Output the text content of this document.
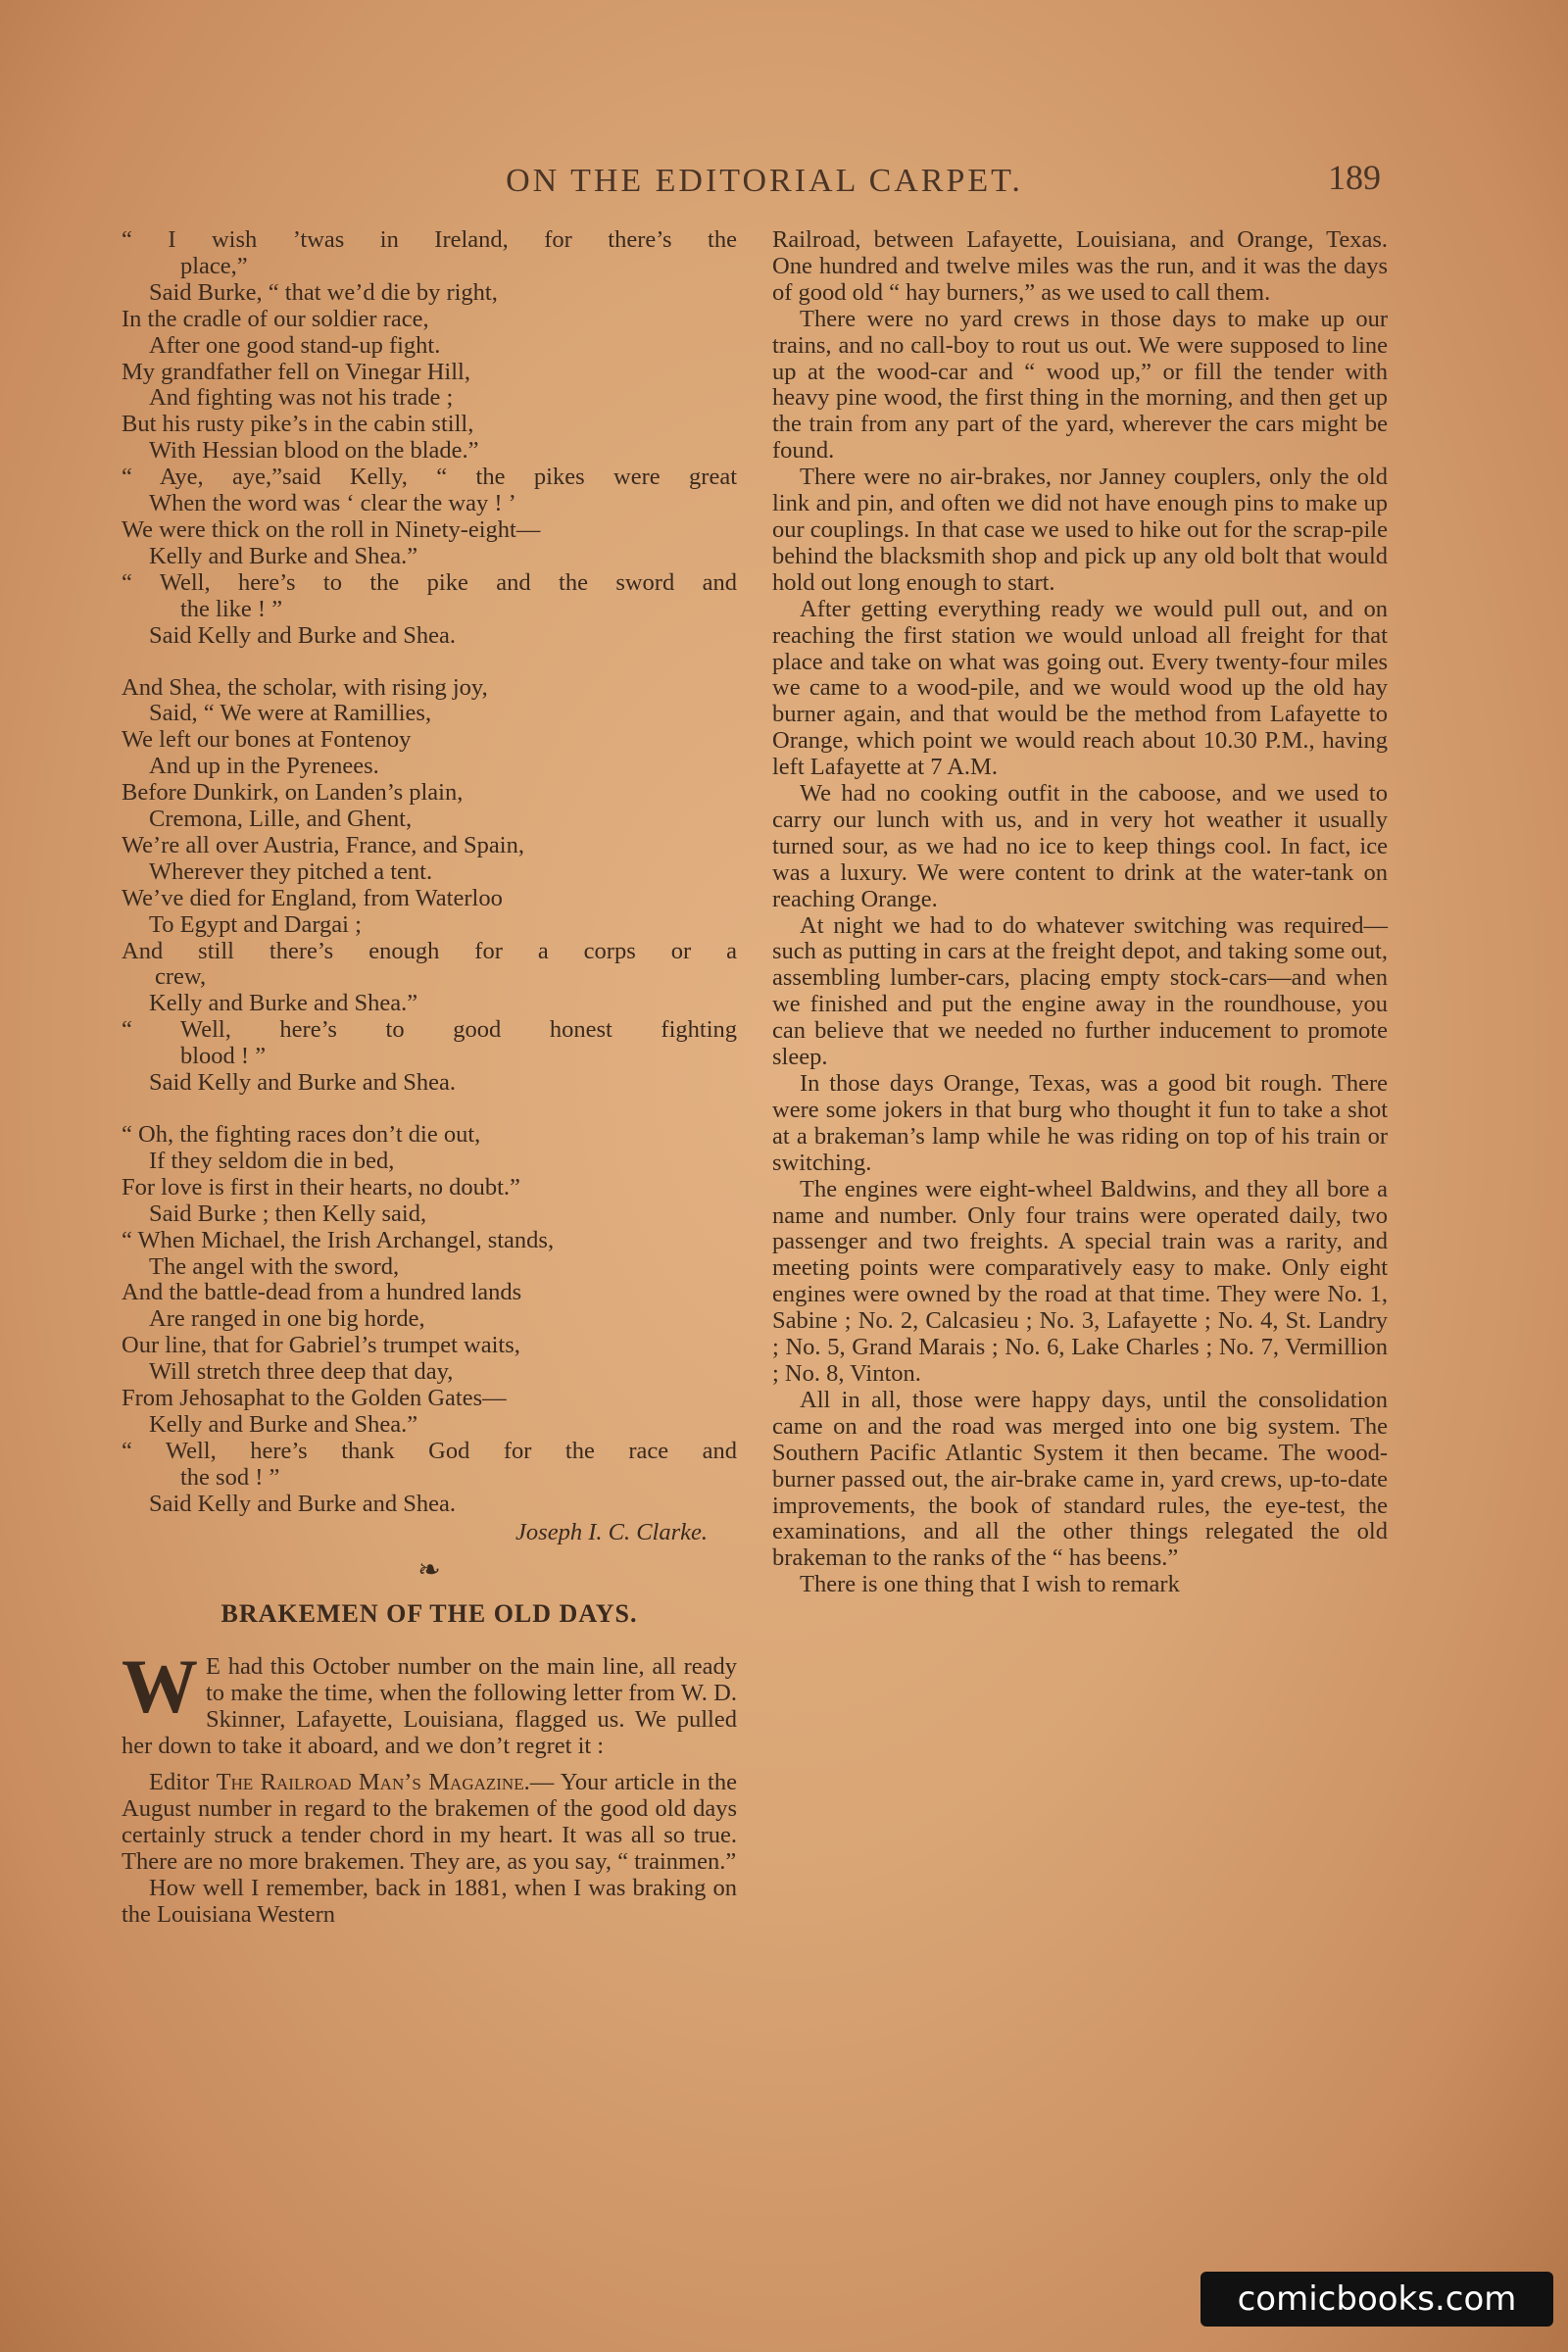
ON THE EDITORIAL CARPET.	189
“ I wish ’twas in Ireland, for there’s the
place,”
Said Burke, “ that we’d die by right,
In the cradle of our soldier race,
After one good stand-up fight.
My grandfather fell on Vinegar Hill,
And fighting was not his trade ;
But his rusty pike’s in the cabin still,
With Hessian blood on the blade.”
“ Aye, aye,”said Kelly, “ the pikes were great
When the word was ‘ clear the way ! ’
We were thick on the roll in Ninety-eight—
Kelly and Burke and Shea.”
“ Well, here’s to the pike and the sword and
the like ! ”
Said Kelly and Burke and Shea.
And Shea, the scholar, with rising joy,
Said, “ We were at Ramillies,
We left our bones at Fontenoy
And up in the Pyrenees.
Before Dunkirk, on Landen’s plain,
Cremona, Lille, and Ghent,
We’re all over Austria, France, and Spain,
Wherever they pitched a tent.
We’ve died for England, from Waterloo
To Egypt and Dargai ;
And still there’s enough for a corps or a
crew,
Kelly and Burke and Shea.”
“ Well, here’s to good honest fighting
blood ! ”
Said Kelly and Burke and Shea.
“ Oh, the fighting races don’t die out,
If they seldom die in bed,
For love is first in their hearts, no doubt.”
Said Burke ; then Kelly said,
“ When Michael, the Irish Archangel, stands,
The angel with the sword,
And the battle-dead from a hundred lands
Are ranged in one big horde,
Our line, that for Gabriel’s trumpet waits,
Will stretch three deep that day,
From Jehosaphat to the Golden Gates—
Kelly and Burke and Shea.”
“ Well, here’s thank God for the race and
the sod ! ”
Said Kelly and Burke and Shea.
Joseph I. C. Clarke.
❧
BRAKEMEN OF THE OLD DAYS.
W E had this October number on the main line, all ready to make the time, when the following letter from W. D. Skinner, Lafayette, Louisiana, flagged us. We pulled her down to take it aboard, and we don’t regret it :

Editor The Railroad Man’s Magazine.— Your article in the August number in regard to the brakemen of the good old days certainly struck a tender chord in my heart. It was all so true. There are no more brakemen. They are, as you say, “ trainmen.”

How well I remember, back in 1881, when I was braking on the Louisiana Western

Railroad, between Lafayette, Louisiana, and Orange, Texas. One hundred and twelve miles was the run, and it was the days of good old “ hay burners,” as we used to call them.

There were no yard crews in those days to make up our trains, and no call-boy to rout us out. We were supposed to line up at the wood-car and “ wood up,” or fill the tender with heavy pine wood, the first thing in the morning, and then get up the train from any part of the yard, wherever the cars might be found.

There were no air-brakes, nor Janney couplers, only the old link and pin, and often we did not have enough pins to make up our couplings. In that case we used to hike out for the scrap-pile behind the blacksmith shop and pick up any old bolt that would hold out long enough to start.

After getting everything ready we would pull out, and on reaching the first station we would unload all freight for that place and take on what was going out. Every twenty-four miles we came to a wood-pile, and we would wood up the old hay burner again, and that would be the method from Lafayette to Orange, which point we would reach about 10.30 P.M., having left Lafayette at 7 A.M.

We had no cooking outfit in the caboose, and we used to carry our lunch with us, and in very hot weather it usually turned sour, as we had no ice to keep things cool. In fact, ice was a luxury. We were content to drink at the water-tank on reaching Orange.

At night we had to do whatever switching was required—such as putting in cars at the freight depot, and taking some out, assembling lumber-cars, placing empty stock-cars—and when we finished and put the engine away in the roundhouse, you can believe that we needed no further inducement to promote sleep.

In those days Orange, Texas, was a good bit rough. There were some jokers in that burg who thought it fun to take a shot at a brakeman’s lamp while he was riding on top of his train or switching.

The engines were eight-wheel Baldwins, and they all bore a name and number. Only four trains were operated daily, two passenger and two freights. A special train was a rarity, and meeting points were comparatively easy to make. Only eight engines were owned by the road at that time. They were No. 1, Sabine ; No. 2, Calcasieu ; No. 3, Lafayette ; No. 4, St. Landry ; No. 5, Grand Marais ; No. 6, Lake Charles ; No. 7, Vermillion ; No. 8, Vinton.

All in all, those were happy days, until the consolidation came on and the road was merged into one big system. The Southern Pacific Atlantic System it then became. The wood-burner passed out, the air-brake came in, yard crews, up-to-date improvements, the book of standard rules, the eye-test, the examinations, and all the other things relegated the old brakeman to the ranks of the “ has beens.”

There is one thing that I wish to remark

comicbooks.com
